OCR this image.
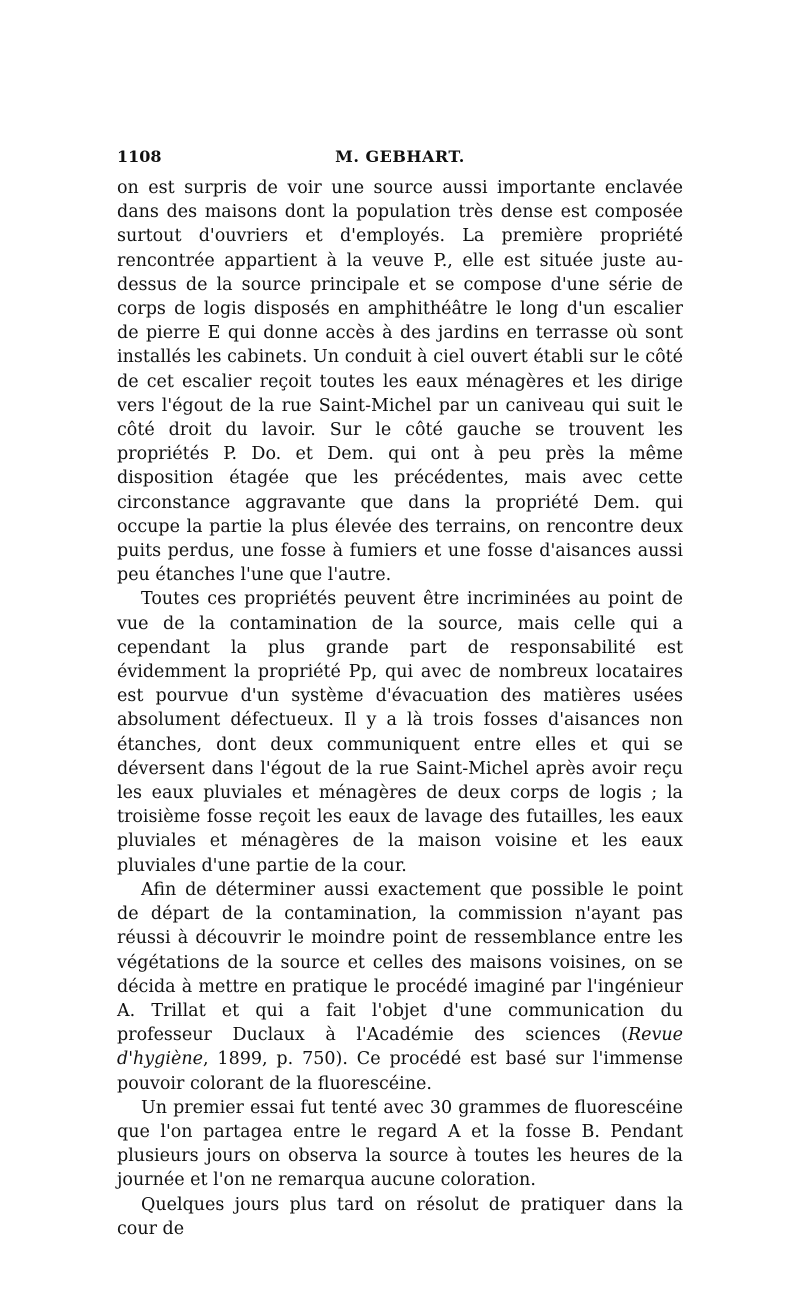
1108	M. GEBHART.

on est surpris de voir une source aussi importante enclavée dans des maisons dont la population très dense est composée surtout d'ouvriers et d'employés. La première propriété rencontrée appartient à la veuve P., elle est située juste au-dessus de la source principale et se compose d'une série de corps de logis disposés en amphithéâtre le long d'un escalier de pierre E qui donne accès à des jardins en terrasse où sont installés les cabinets. Un conduit à ciel ouvert établi sur le côté de cet escalier reçoit toutes les eaux ménagères et les dirige vers l'égout de la rue Saint-Michel par un caniveau qui suit le côté droit du lavoir. Sur le côté gauche se trouvent les propriétés P. Do. et Dem. qui ont à peu près la même disposition étagée que les précédentes, mais avec cette circonstance aggravante que dans la propriété Dem. qui occupe la partie la plus élevée des terrains, on rencontre deux puits perdus, une fosse à fumiers et une fosse d'aisances aussi peu étanches l'une que l'autre.

Toutes ces propriétés peuvent être incriminées au point de vue de la contamination de la source, mais celle qui a cependant la plus grande part de responsabilité est évidemment la propriété Pp, qui avec de nombreux locataires est pourvue d'un système d'évacuation des matières usées absolument défectueux. Il y a là trois fosses d'aisances non étanches, dont deux communiquent entre elles et qui se déversent dans l'égout de la rue Saint-Michel après avoir reçu les eaux pluviales et ménagères de deux corps de logis ; la troisième fosse reçoit les eaux de lavage des futailles, les eaux pluviales et ménagères de la maison voisine et les eaux pluviales d'une partie de la cour.

Afin de déterminer aussi exactement que possible le point de départ de la contamination, la commission n'ayant pas réussi à découvrir le moindre point de ressemblance entre les végétations de la source et celles des maisons voisines, on se décida à mettre en pratique le procédé imaginé par l'ingénieur A. Trillat et qui a fait l'objet d'une communication du professeur Duclaux à l'Académie des sciences (Revue d'hygiène, 1899, p. 750). Ce procédé est basé sur l'immense pouvoir colorant de la fluorescéine.

Un premier essai fut tenté avec 30 grammes de fluorescéine que l'on partagea entre le regard A et la fosse B. Pendant plusieurs jours on observa la source à toutes les heures de la journée et l'on ne remarqua aucune coloration.

Quelques jours plus tard on résolut de pratiquer dans la cour de
